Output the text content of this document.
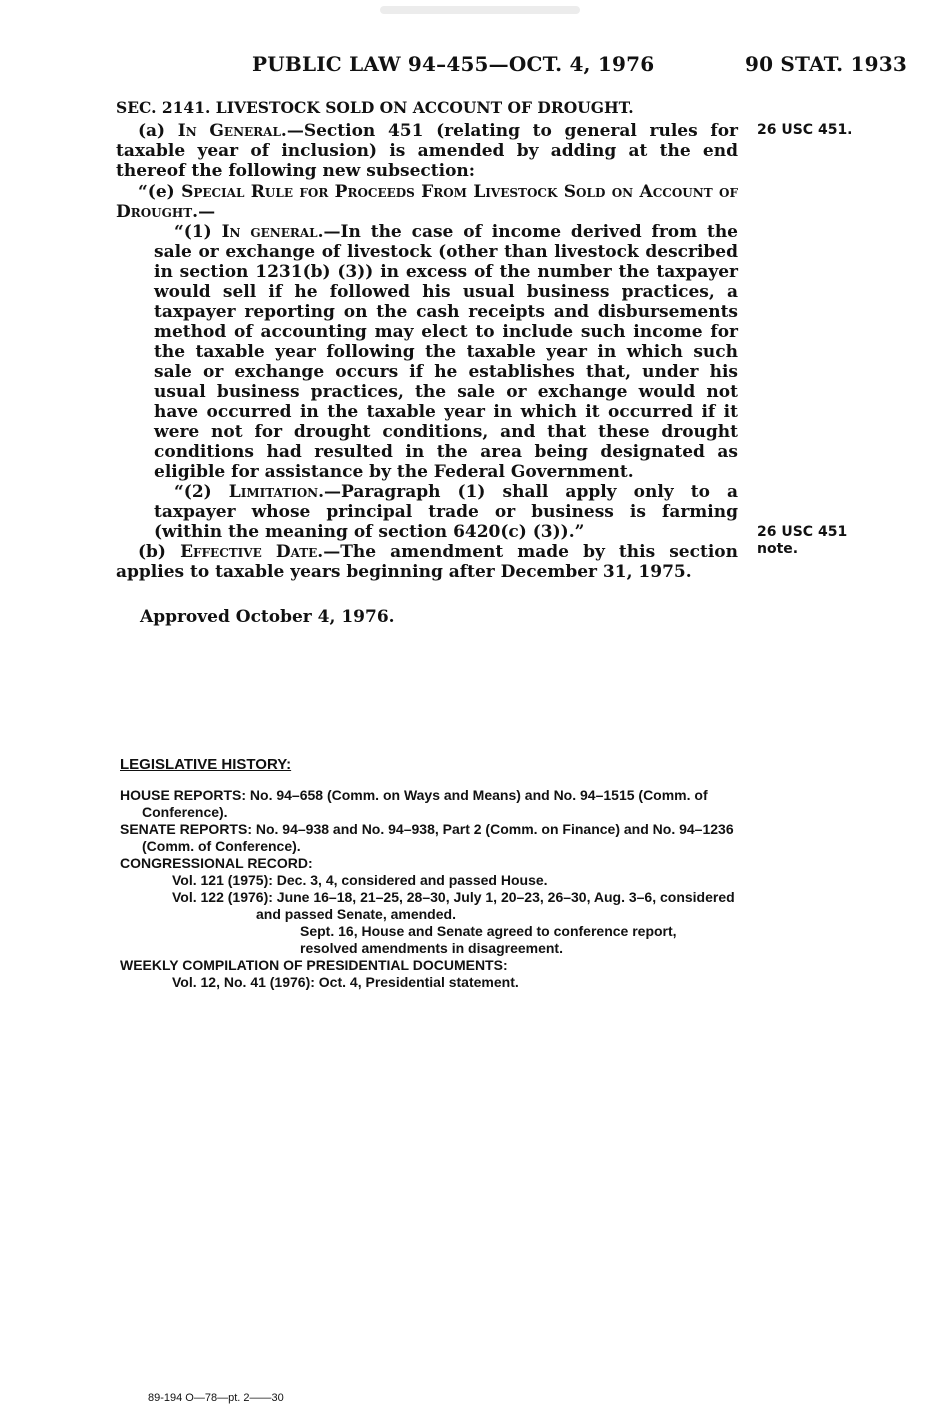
PUBLIC LAW 94–455—OCT. 4, 1976	90 STAT. 1933

SEC. 2141. LIVESTOCK SOLD ON ACCOUNT OF DROUGHT.

(a) In General.—Section 451 (relating to general rules for taxable year of inclusion) is amended by adding at the end thereof the following new subsection:

“(e) Special Rule for Proceeds From Livestock Sold on Account of Drought.—

“(1) In general.—In the case of income derived from the sale or exchange of livestock (other than livestock described in section 1231(b) (3)) in excess of the number the taxpayer would sell if he followed his usual business practices, a taxpayer reporting on the cash receipts and disbursements method of accounting may elect to include such income for the taxable year following the taxable year in which such sale or exchange occurs if he establishes that, under his usual business practices, the sale or exchange would not have occurred in the taxable year in which it occurred if it were not for drought conditions, and that these drought conditions had resulted in the area being designated as eligible for assistance by the Federal Government.

“(2) Limitation.—Paragraph (1) shall apply only to a taxpayer whose principal trade or business is farming (within the meaning of section 6420(c) (3)).”

(b) Effective Date.—The amendment made by this section applies to taxable years beginning after December 31, 1975.

Approved October 4, 1976.

26 USC 451.
26 USC 451
note.
LEGISLATIVE HISTORY:

HOUSE REPORTS: No. 94–658 (Comm. on Ways and Means) and No. 94–1515 (Comm. of Conference).

SENATE REPORTS: No. 94–938 and No. 94–938, Part 2 (Comm. on Finance) and No. 94–1236 (Comm. of Conference).

CONGRESSIONAL RECORD:

Vol. 121 (1975): Dec. 3, 4, considered and passed House.

Vol. 122 (1976): June 16–18, 21–25, 28–30, July 1, 20–23, 26–30, Aug. 3–6, considered and passed Senate, amended.

Sept. 16, House and Senate agreed to conference report, resolved amendments in disagreement.

WEEKLY COMPILATION OF PRESIDENTIAL DOCUMENTS:

Vol. 12, No. 41 (1976): Oct. 4, Presidential statement.

89-194 O—78—pt. 2——30
